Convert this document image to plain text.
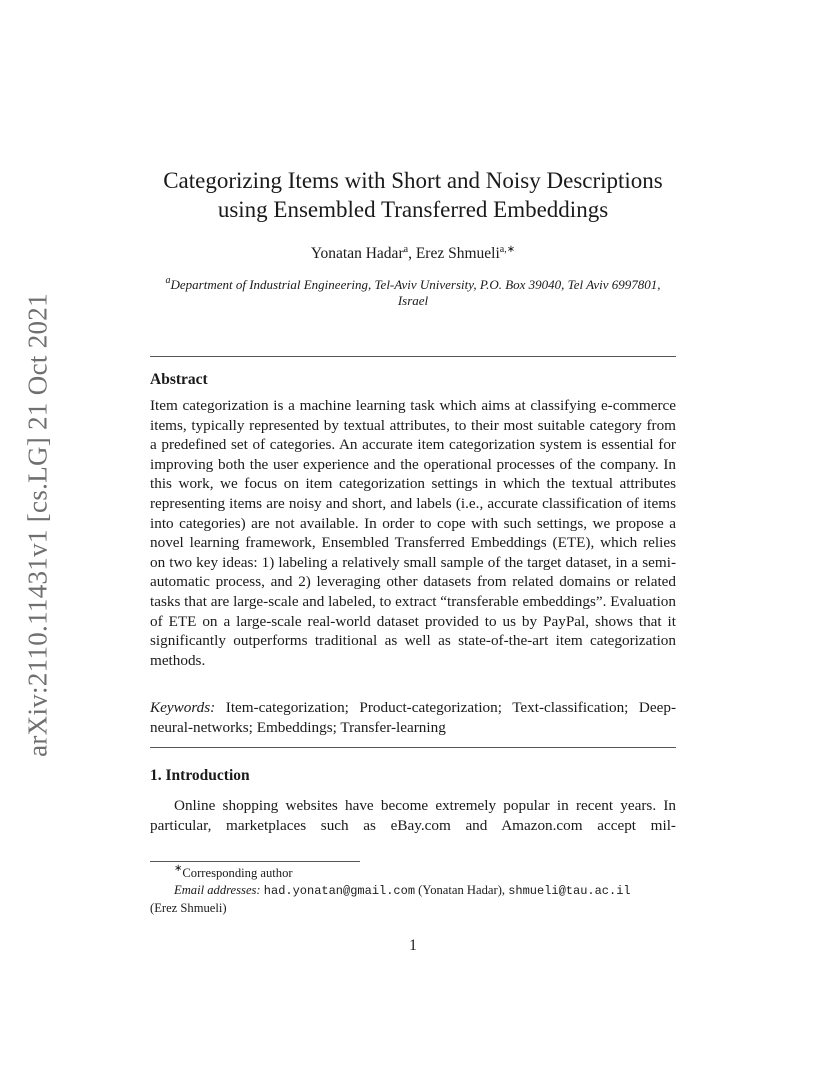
arXiv:2110.11431v1 [cs.LG] 21 Oct 2021
Categorizing Items with Short and Noisy Descriptions
using Ensembled Transferred Embeddings
Yonatan Hadar$^a$, Erez Shmueli$^{a,∗}$
$^a$Department of Industrial Engineering, Tel-Aviv University, P.O. Box 39040, Tel Aviv 6997801, Israel
Abstract

Item categorization is a machine learning task which aims at classifying e-commerce items, typically represented by textual attributes, to their most suitable category from a predefined set of categories. An accurate item categorization system is essential for improving both the user experience and the operational processes of the company. In this work, we focus on item categorization settings in which the textual attributes representing items are noisy and short, and labels (i.e., accurate classification of items into categories) are not available. In order to cope with such settings, we propose a novel learning framework, Ensembled Transferred Embeddings (ETE), which relies on two key ideas: 1) labeling a relatively small sample of the target dataset, in a semi-automatic process, and 2) leveraging other datasets from related domains or related tasks that are large-scale and labeled, to extract “transferable embeddings”. Evaluation of ETE on a large-scale real-world dataset provided to us by PayPal, shows that it significantly outperforms traditional as well as state-of-the-art item categorization methods.

Keywords: Item-categorization; Product-categorization; Text-classification; Deep-neural-networks; Embeddings; Transfer-learning

1. Introduction

Online shopping websites have become extremely popular in recent years. In particular, marketplaces such as eBay.com and Amazon.com accept mil-

∗Corresponding author
Email addresses: had.yonatan@gmail.com (Yonatan Hadar), shmueli@tau.ac.il
(Erez Shmueli)
1
